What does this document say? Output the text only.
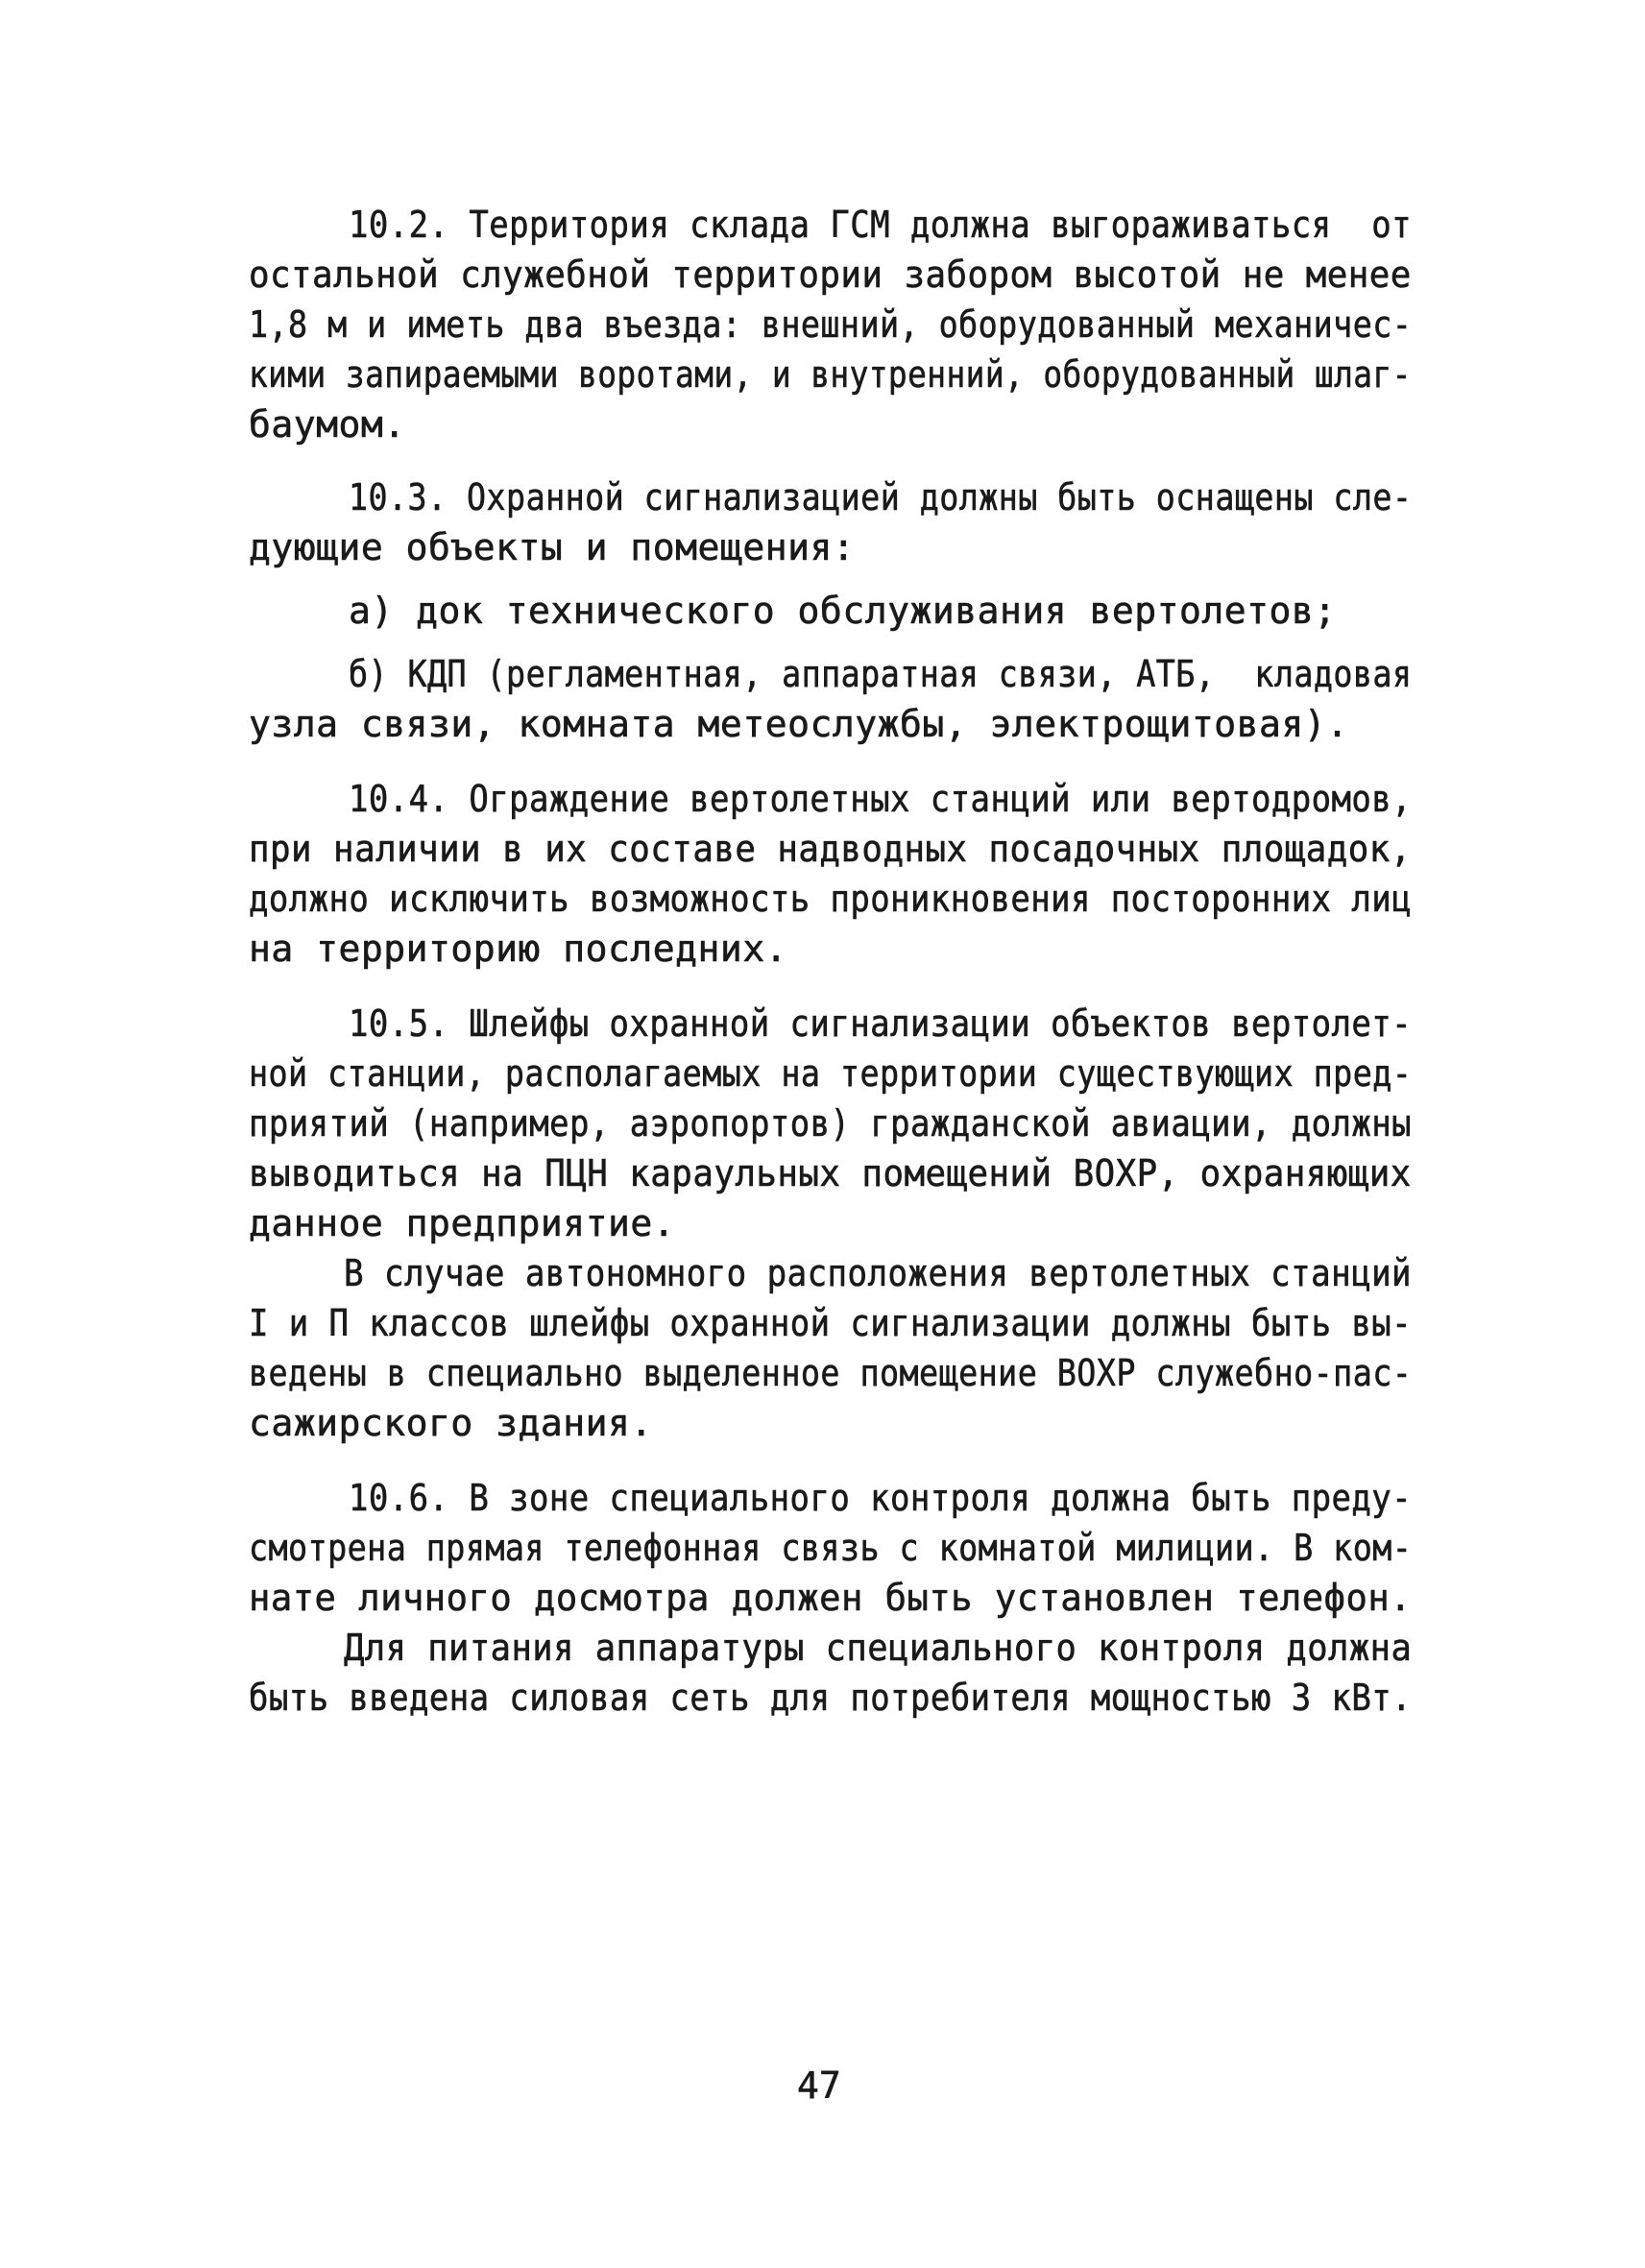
10.2. Территория склада ГСМ должна выгораживаться  от

остальной служебной территории забором высотой не менее

1,8 м и иметь два въезда: внешний, оборудованный механичес-

кими запираемыми воротами, и внутренний, оборудованный шлаг-

баумом.

10.3. Охранной сигнализацией должны быть оснащены сле-

дующие объекты и помещения:

а) док технического обслуживания вертолетов;

б) КДП (регламентная, аппаратная связи, АТБ,  кладовая

узла связи, комната метеослужбы, электрощитовая).

10.4. Ограждение вертолетных станций или вертодромов,

при наличии в их составе надводных посадочных площадок,

должно исключить возможность проникновения посторонних лиц

на территорию последних.

10.5. Шлейфы охранной сигнализации объектов вертолет-

ной станции, располагаемых на территории существующих пред-

приятий (например, аэропортов) гражданской авиации, должны

выводиться на ПЦН караульных помещений ВОХР, охраняющих

данное предприятие.

В случае автономного расположения вертолетных станций

I и П классов шлейфы охранной сигнализации должны быть вы-

ведены в специально выделенное помещение ВОХР служебно-пас-

сажирского здания.

10.6. В зоне специального контроля должна быть преду-

смотрена прямая телефонная связь с комнатой милиции. В ком-

нате личного досмотра должен быть установлен телефон.

Для питания аппаратуры специального контроля должна

быть введена силовая сеть для потребителя мощностью 3 кВт.

47
